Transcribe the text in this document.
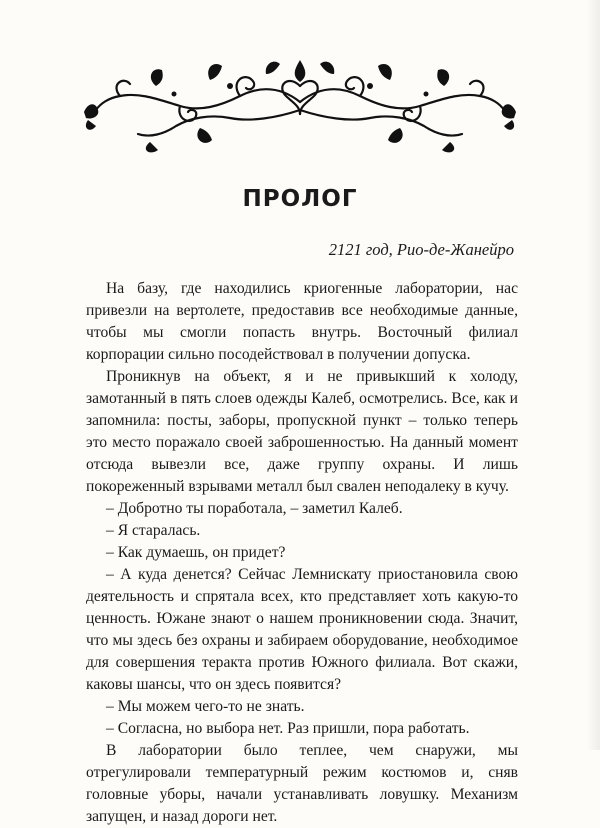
ПРОЛОГ
2121 год, Рио-де-Жанейро

На базу, где находились криогенные лаборатории, нас привезли на вертолете, предоставив все необходимые данные, чтобы мы смогли попасть внутрь. Восточный филиал корпорации сильно посодействовал в получении допуска.

Проникнув на объект, я и не привыкший к холоду, замотанный в пять слоев одежды Калеб, осмотрелись. Все, как и запомнила: посты, заборы, пропускной пункт – только теперь это место поражало своей заброшенностью. На данный момент отсюда вывезли все, даже группу охраны. И лишь покореженный взрывами металл был свален неподалеку в кучу.

– Добротно ты поработала, – заметил Калеб.

– Я старалась.

– Как думаешь, он придет?

– А куда денется? Сейчас Лемнискату приостановила свою деятельность и спрятала всех, кто представляет хоть какую-то ценность. Южане знают о нашем проникновении сюда. Значит, что мы здесь без охраны и забираем оборудование, необходимое для совершения теракта против Южного филиала. Вот скажи, каковы шансы, что он здесь появится?

– Мы можем чего-то не знать.

– Согласна, но выбора нет. Раз пришли, пора работать.

В лаборатории было теплее, чем снаружи, мы отрегулировали температурный режим костюмов и, сняв головные уборы, начали устанавливать ловушку. Механизм запущен, и назад дороги нет.
